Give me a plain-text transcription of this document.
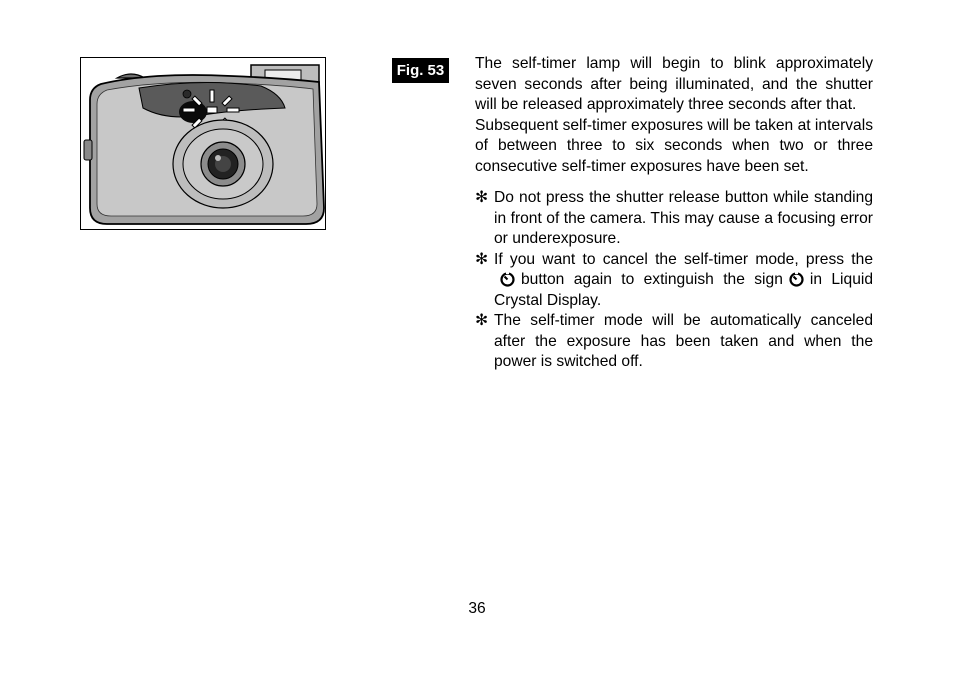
Fig. 53	The self-timer lamp will begin to blink approximately seven seconds after being illuminated, and the shutter will be released approximately three seconds after that.

Subsequent self-timer exposures will be taken at intervals of between three to six seconds when two or three consecutive self-timer exposures have been set.

✻ Do not press the shutter release button while standing in front of the camera. This may cause a focusing error or underexposure.
✻ If you want to cancel the self-timer mode, press thebutton again to extinguish the sign in Liquid Crystal Display.
✻ The self-timer mode will be automatically canceled after the exposure has been taken and when the power is switched off.
36
